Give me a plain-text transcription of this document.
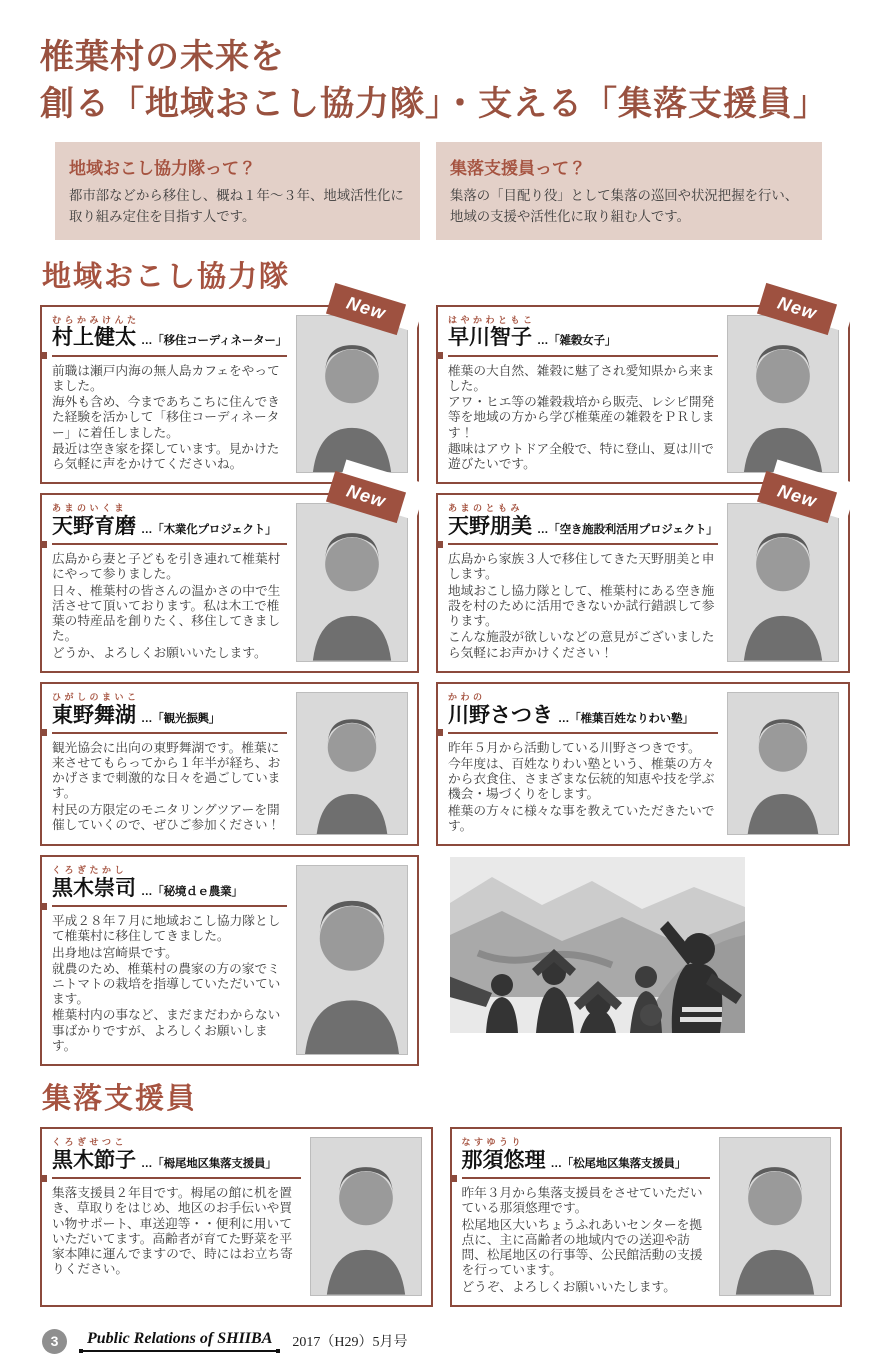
椎葉村の未来を
創る「地域おこし協力隊」・支える「集落支援員」
地域おこし協力隊って？
都市部などから移住し、概ね１年～３年、地域活性化に取り組み定住を目指す人です。
集落支援員って？
集落の「目配り役」として集落の巡回や状況把握を行い、地域の支援や活性化に取り組む人です。
地域おこし協力隊
New
むらかみけんた
村上健太 …「移住コーディネーター」
前職は瀬戸内海の無人島カフェをやってました。
海外も含め、今まであちこちに住んできた経験を活かして「移住コーディネーター」に着任しました。
最近は空き家を探しています。見かけたら気軽に声をかけてくださいね。
New
はやかわともこ
早川智子 …「雑穀女子」
椎葉の大自然、雑穀に魅了され愛知県から来ました。
アワ・ヒエ等の雑穀栽培から販売、レシピ開発等を地域の方から学び椎葉産の雑穀をＰＲします！
趣味はアウトドア全般で、特に登山、夏は川で遊びたいです。
New
あまのいくま
天野育磨 …「木業化プロジェクト」
広島から妻と子どもを引き連れて椎葉村にやって参りました。
日々、椎葉村の皆さんの温かさの中で生活させて頂いております。私は木工で椎葉の特産品を創りたく、移住してきました。
どうか、よろしくお願いいたします。
New
あまのともみ
天野朋美 …「空き施設利活用プロジェクト」
広島から家族３人で移住してきた天野朋美と申します。
地域おこし協力隊として、椎葉村にある空き施設を村のために活用できないか試行錯誤して参ります。
こんな施設が欲しいなどの意見がございましたら気軽にお声かけください！
ひがしのまいこ
東野舞湖 …「観光振興」
観光協会に出向の東野舞湖です。椎葉に来させてもらってから１年半が経ち、おかげさまで刺激的な日々を過ごしています。
村民の方限定のモニタリングツアーを開催していくので、ぜひご参加ください！
かわの
川野さつき …「椎葉百姓なりわい塾」
昨年５月から活動している川野さつきです。
今年度は、百姓なりわい塾という、椎葉の方々から衣食住、さまざまな伝統的知恵や技を学ぶ機会・場づくりをします。
椎葉の方々に様々な事を教えていただきたいです。
くろぎたかし
黒木崇司 …「秘境ｄｅ農業」
平成２８年７月に地域おこし協力隊として椎葉村に移住してきました。
出身地は宮崎県です。
就農のため、椎葉村の農家の方の家でミニトマトの栽培を指導していただいています。
椎葉村内の事など、まだまだわからない事ばかりですが、よろしくお願いします。
集落支援員
くろぎせつこ
黒木節子 …「栂尾地区集落支援員」
集落支援員２年目です。栂尾の館に机を置き、草取りをはじめ、地区のお手伝いや買い物サポート、車送迎等・・便利に用いていただいてます。高齢者が育てた野菜を平家本陣に運んでますので、時にはお立ち寄りください。
なすゆうり
那須悠理 …「松尾地区集落支援員」
昨年３月から集落支援員をさせていただいている那須悠理です。
松尾地区大いちょうふれあいセンターを拠点に、主に高齢者の地域内での送迎や訪問、松尾地区の行事等、公民館活動の支援を行っています。
どうぞ、よろしくお願いいたします。
3	Public Relations of SHIIBA	2017（H29）5月号
